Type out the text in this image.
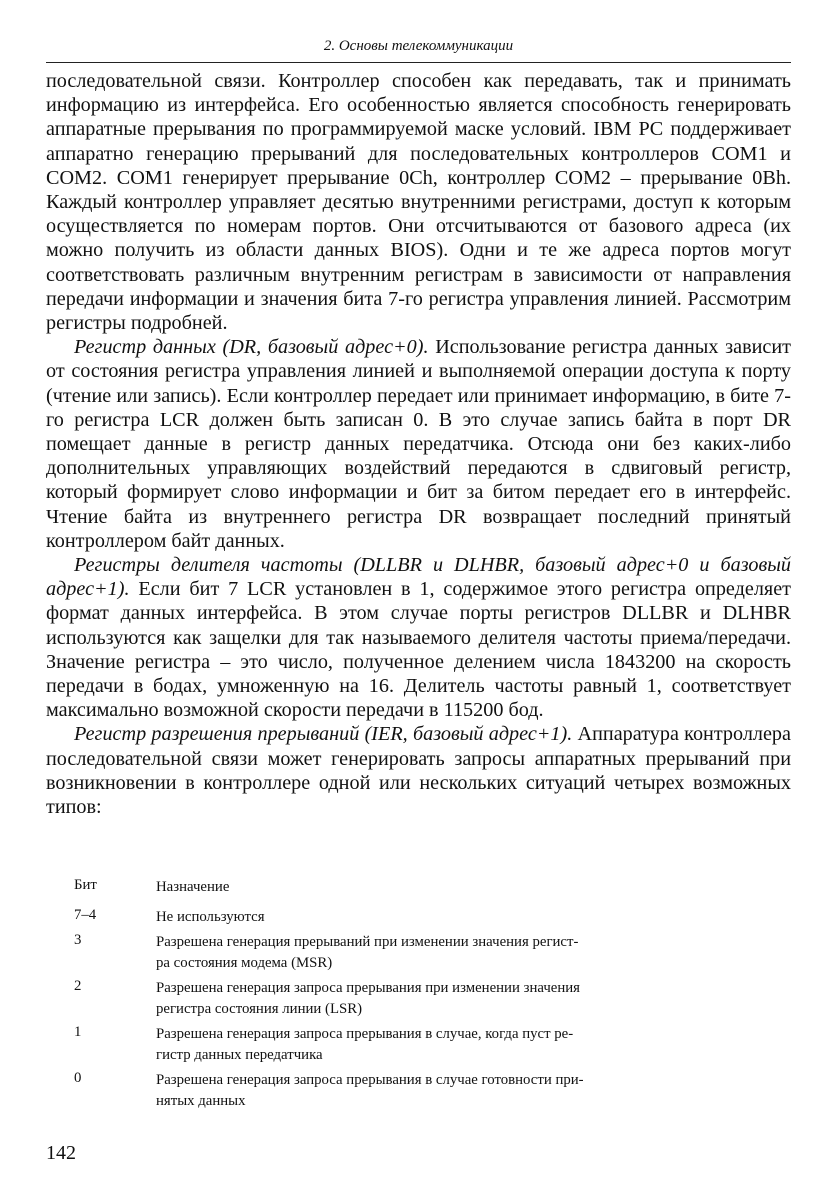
2. Основы телекоммуникации

последовательной связи. Контроллер способен как передавать, так и принимать информацию из интерфейса. Его особенностью является способность генерировать аппаратные прерывания по программируемой маске условий. IBM PC поддерживает аппаратно генерацию прерываний для последовательных контроллеров COM1 и COM2. COM1 генерирует прерывание 0Ch, контроллер COM2 – прерывание 0Bh. Каждый контроллер управляет десятью внутренними регистрами, доступ к которым осуществляется по номерам портов. Они отсчитываются от базового адреса (их можно получить из области данных BIOS). Одни и те же адреса портов могут соответствовать различным внутренним регистрам в зависимости от направления передачи информации и значения бита 7-го регистра управления линией. Рассмотрим регистры подробней.

Регистр данных (DR, базовый адрес+0). Использование регистра данных зависит от состояния регистра управления линией и выполняемой операции доступа к порту (чтение или запись). Если контроллер передает или принимает информацию, в бите 7-го регистра LCR должен быть записан 0. В это случае запись байта в порт DR помещает данные в регистр данных передатчика. Отсюда они без каких-либо дополнительных управляющих воздействий передаются в сдвиговый регистр, который формирует слово информации и бит за битом передает его в интерфейс. Чтение байта из внутреннего регистра DR возвращает последний принятый контроллером байт данных.

Регистры делителя частоты (DLLBR и DLHBR, базовый адрес+0 и базовый адрес+1). Если бит 7 LCR установлен в 1, содержимое этого регистра определяет формат данных интерфейса. В этом случае порты регистров DLLBR и DLHBR используются как защелки для так называемого делителя частоты приема/передачи. Значение регистра – это число, полученное делением числа 1843200 на скорость передачи в бодах, умноженную на 16. Делитель частоты равный 1, соответствует максимально возможной скорости передачи в 115200 бод.

Регистр разрешения прерываний (IER, базовый адрес+1). Аппаратура контроллера последовательной связи может генерировать запросы аппаратных прерываний при возникновении в контроллере одной или нескольких ситуаций четырех возможных типов:

Бит	Назначение
7–4	Не используются
3	Разрешена генерация прерываний при изменении значения регист-
ра состояния модема (MSR)
2	Разрешена генерация запроса прерывания при изменении значения
регистра состояния линии (LSR)
1	Разрешена генерация запроса прерывания в случае, когда пуст ре-
гистр данных передатчика
0	Разрешена генерация запроса прерывания в случае готовности при-
нятых данных
142
